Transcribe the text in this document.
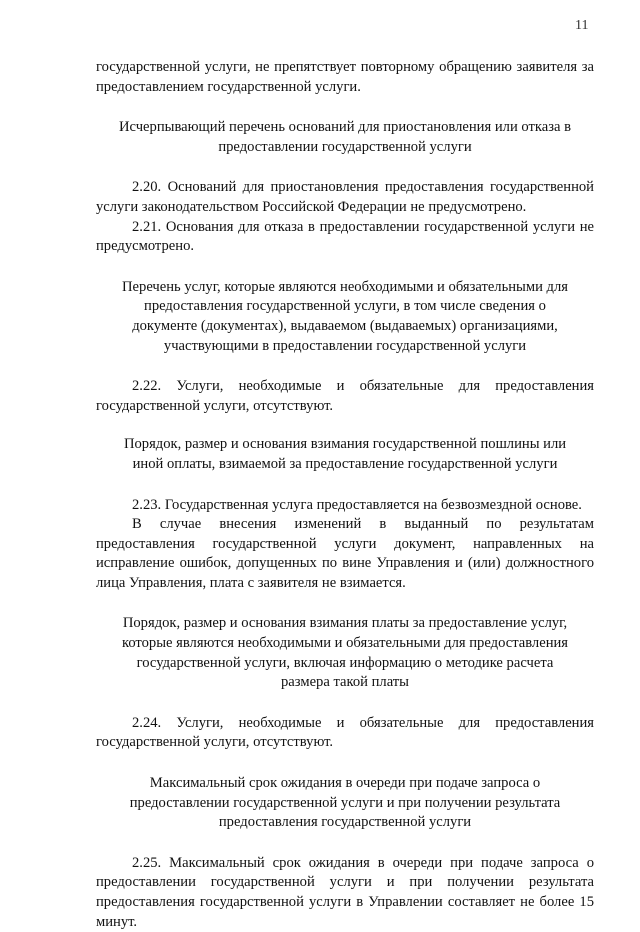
11

государственной услуги, не препятствует повторному обращению заявителя за предоставлением государственной услуги.

Исчерпывающий перечень оснований для приостановления или отказа в предоставлении государственной услуги

2.20. Оснований для приостановления предоставления государственной услуги законодательством Российской Федерации не предусмотрено.

2.21. Основания для отказа в предоставлении государственной услуги не предусмотрено.

Перечень услуг, которые являются необходимыми и обязательными для предоставления государственной услуги, в том числе сведения о документе (документах), выдаваемом (выдаваемых) организациями, участвующими в предоставлении государственной услуги

2.22. Услуги, необходимые и обязательные для предоставления государственной услуги, отсутствуют.

Порядок, размер и основания взимания государственной пошлины или иной оплаты, взимаемой за предоставление государственной услуги

2.23. Государственная услуга предоставляется на безвозмездной основе.

В случае внесения изменений в выданный по результатам предоставления государственной услуги документ, направленных на исправление ошибок, допущенных по вине Управления и (или) должностного лица Управления, плата с заявителя не взимается.

Порядок, размер и основания взимания платы за предоставление услуг, которые являются необходимыми и обязательными для предоставления государственной услуги, включая информацию о методике расчета размера такой платы

2.24. Услуги, необходимые и обязательные для предоставления государственной услуги, отсутствуют.

Максимальный срок ожидания в очереди при подаче запроса о предоставлении государственной услуги и при получении результата предоставления государственной услуги

2.25. Максимальный срок ожидания в очереди при подаче запроса о предоставлении государственной услуги и при получении результата предоставления государственной услуги в Управлении составляет не более 15 минут.
